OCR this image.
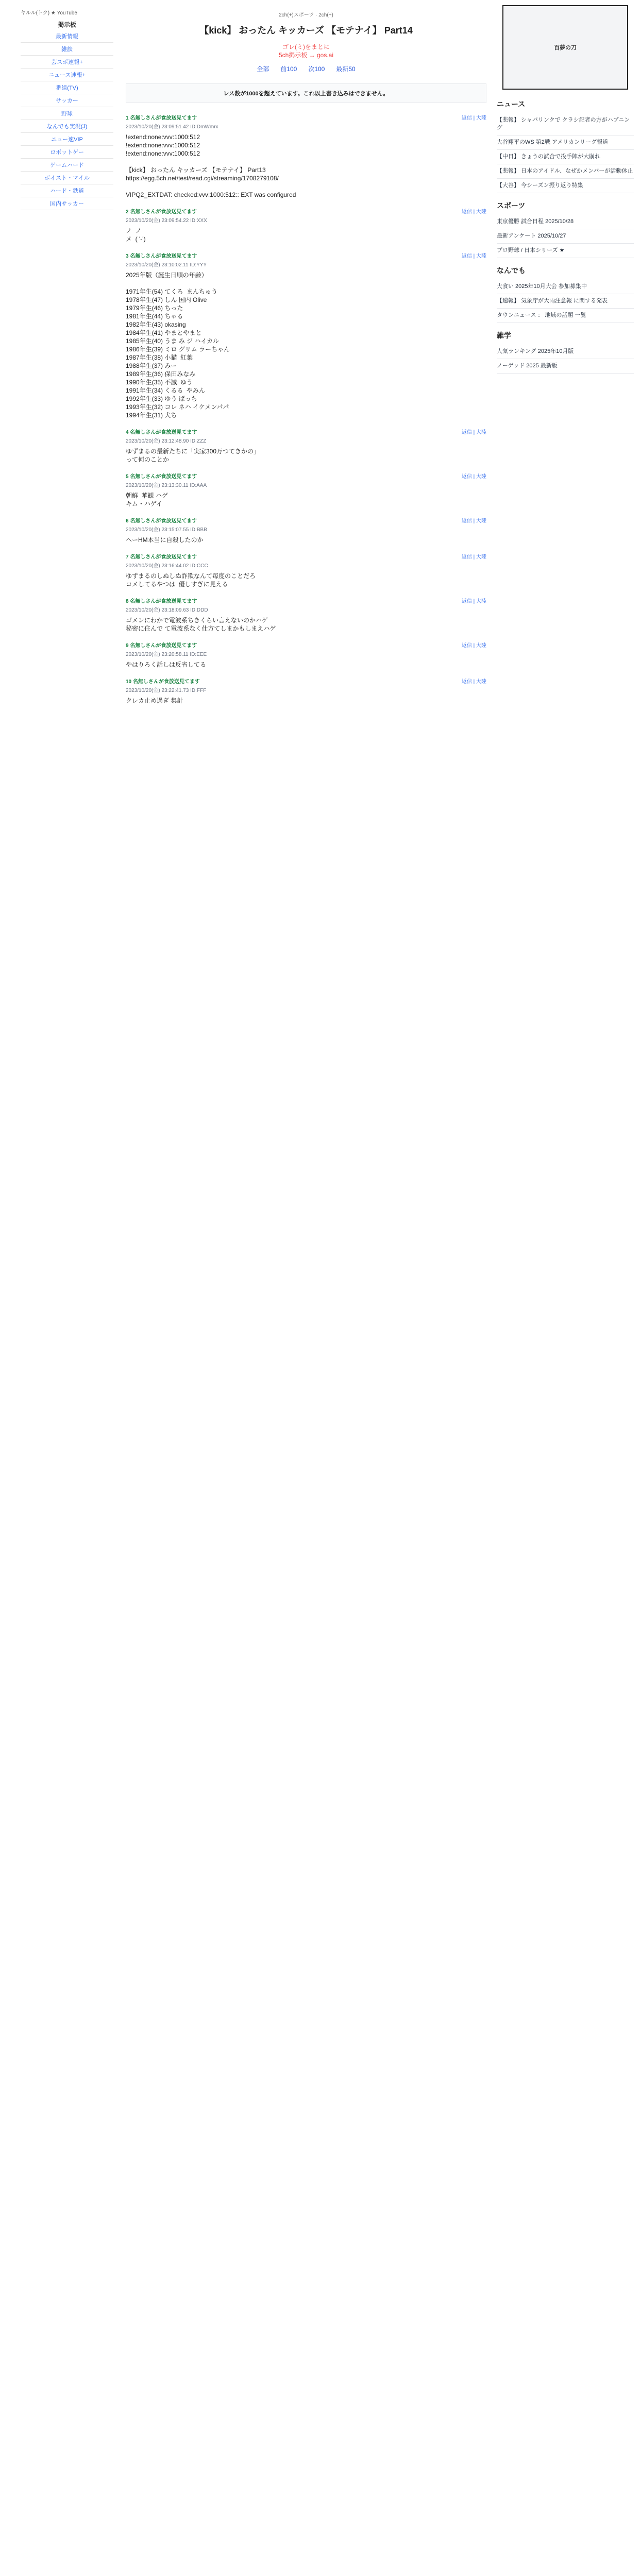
ヤルル(トク) ★ YouTube
掲示板
最新情報
雑談
芸スポ速報+
ニュース速報+
番組(TV)
サッカー
野球
なんでも実況(J)
ニュー速VIP
ロボットゲー
ゲームハード
ボイスト・マイル
ハード・鉄道
国内サッカー
2ch(+)スポーツ · 2ch(+)
【kick】 おったん キッカーズ 【モテナイ】 Part14
ゴレ(ミ)をまとに
5ch掲示板 → gos.ai
全部 前100 次100 最新50
レス数が1000を超えています。これ以上書き込みはできません。
1 名無しさんが食放送見てます	返信 | 大陸
2023/10/20(金) 23:09:51.42 ID:DmWmrx
!extend:none:vvv:1000:512
!extend:none:vvv:1000:512
!extend:none:vvv:1000:512

【kick】 おったん キッカーズ 【モテナイ】 Part13
https://egg.5ch.net/test/read.cgi/streaming/1708279108/

VIPQ2_EXTDAT: checked:vvv:1000:512:: EXT was configured
2 名無しさんが食放送見てます	返信 | 大陸
2023/10/20(金) 23:09:54.22 ID:XXX
ノ  ノ
メ  ( '-')
3 名無しさんが食放送見てます	返信 | 大陸
2023/10/20(金) 23:10:02.11 ID:YYY
2025年版（誕生日順の年齢）

1971年生(54) てくろ  まんちゅう
1978年生(47) しん 国内 Olive
1979年生(46) ちった
1981年生(44) ちゃる
1982年生(43) okasing
1984年生(41) やまとやまと
1985年生(40) うま み ジ ハイカル
1986年生(39) ミロ グリム ラーちゃん
1987年生(38) 小猫  紅葉
1988年生(37) みー
1989年生(36) 保田みなみ
1990年生(35) 不滅  ゆう
1991年生(34) くるる  やみん
1992年生(33) ゆう ぱっち
1993年生(32) コレ ネハ イケメンパパ
1994年生(31) 犬ち
4 名無しさんが食放送見てます	返信 | 大陸
2023/10/20(金) 23:12:48.90 ID:ZZZ
ゆずまるの最新たちに「実家300万つてきかの」
って何のことか
5 名無しさんが食放送見てます	返信 | 大陸
2023/10/20(金) 23:13:30.11 ID:AAA
朝鮮  華観 ハゲ
キム・ハゲイ
6 名無しさんが食放送見てます	返信 | 大陸
2023/10/20(金) 23:15:07.55 ID:BBB
ヘーHM本当に自殺したのか
7 名無しさんが食放送見てます	返信 | 大陸
2023/10/20(金) 23:16:44.02 ID:CCC
ゆずまるのしぬしぬ詐欺なんて毎度のことだろ
コメしてるやつは  優しすぎに見える
8 名無しさんが食放送見てます	返信 | 大陸
2023/10/20(金) 23:18:09.63 ID:DDD
ゴメンにわかで電波系ちきくらい言えないのかハゲ
秘密に住んで て電波系なく仕方てしまかもしまえハゲ
9 名無しさんが食放送見てます	返信 | 大陸
2023/10/20(金) 23:20:58.11 ID:EEE
やはりろく話しは反省してる
10 名無しさんが食放送見てます	返信 | 大陸
2023/10/20(金) 23:22:41.73 ID:FFF
クレカ止め過ぎ 集計
百夢の刀
ニュース
【悲報】 シャバリンクで クラシ記者の方がハプニング
大谷翔平のWS 第2戦 アメリカンリーグ報道
【中日】 きょうの試合で投手陣が大崩れ
【悲報】 日本のアイドル、なぜかメンバーが活動休止
【大谷】 今シーズン振り返り特集
スポーツ
東京優勝 試合日程 2025/10/28
最新アンケート 2025/10/27
プロ野球 / 日本シリーズ ★
なんでも
大食い 2025年10月大会 参加募集中
【速報】 気象庁が大雨注意報 に関する発表
タウンニュース ： 地域の話題 一覧
雑学
人気ランキング 2025年10月版
ノーゲッド 2025 最新版
